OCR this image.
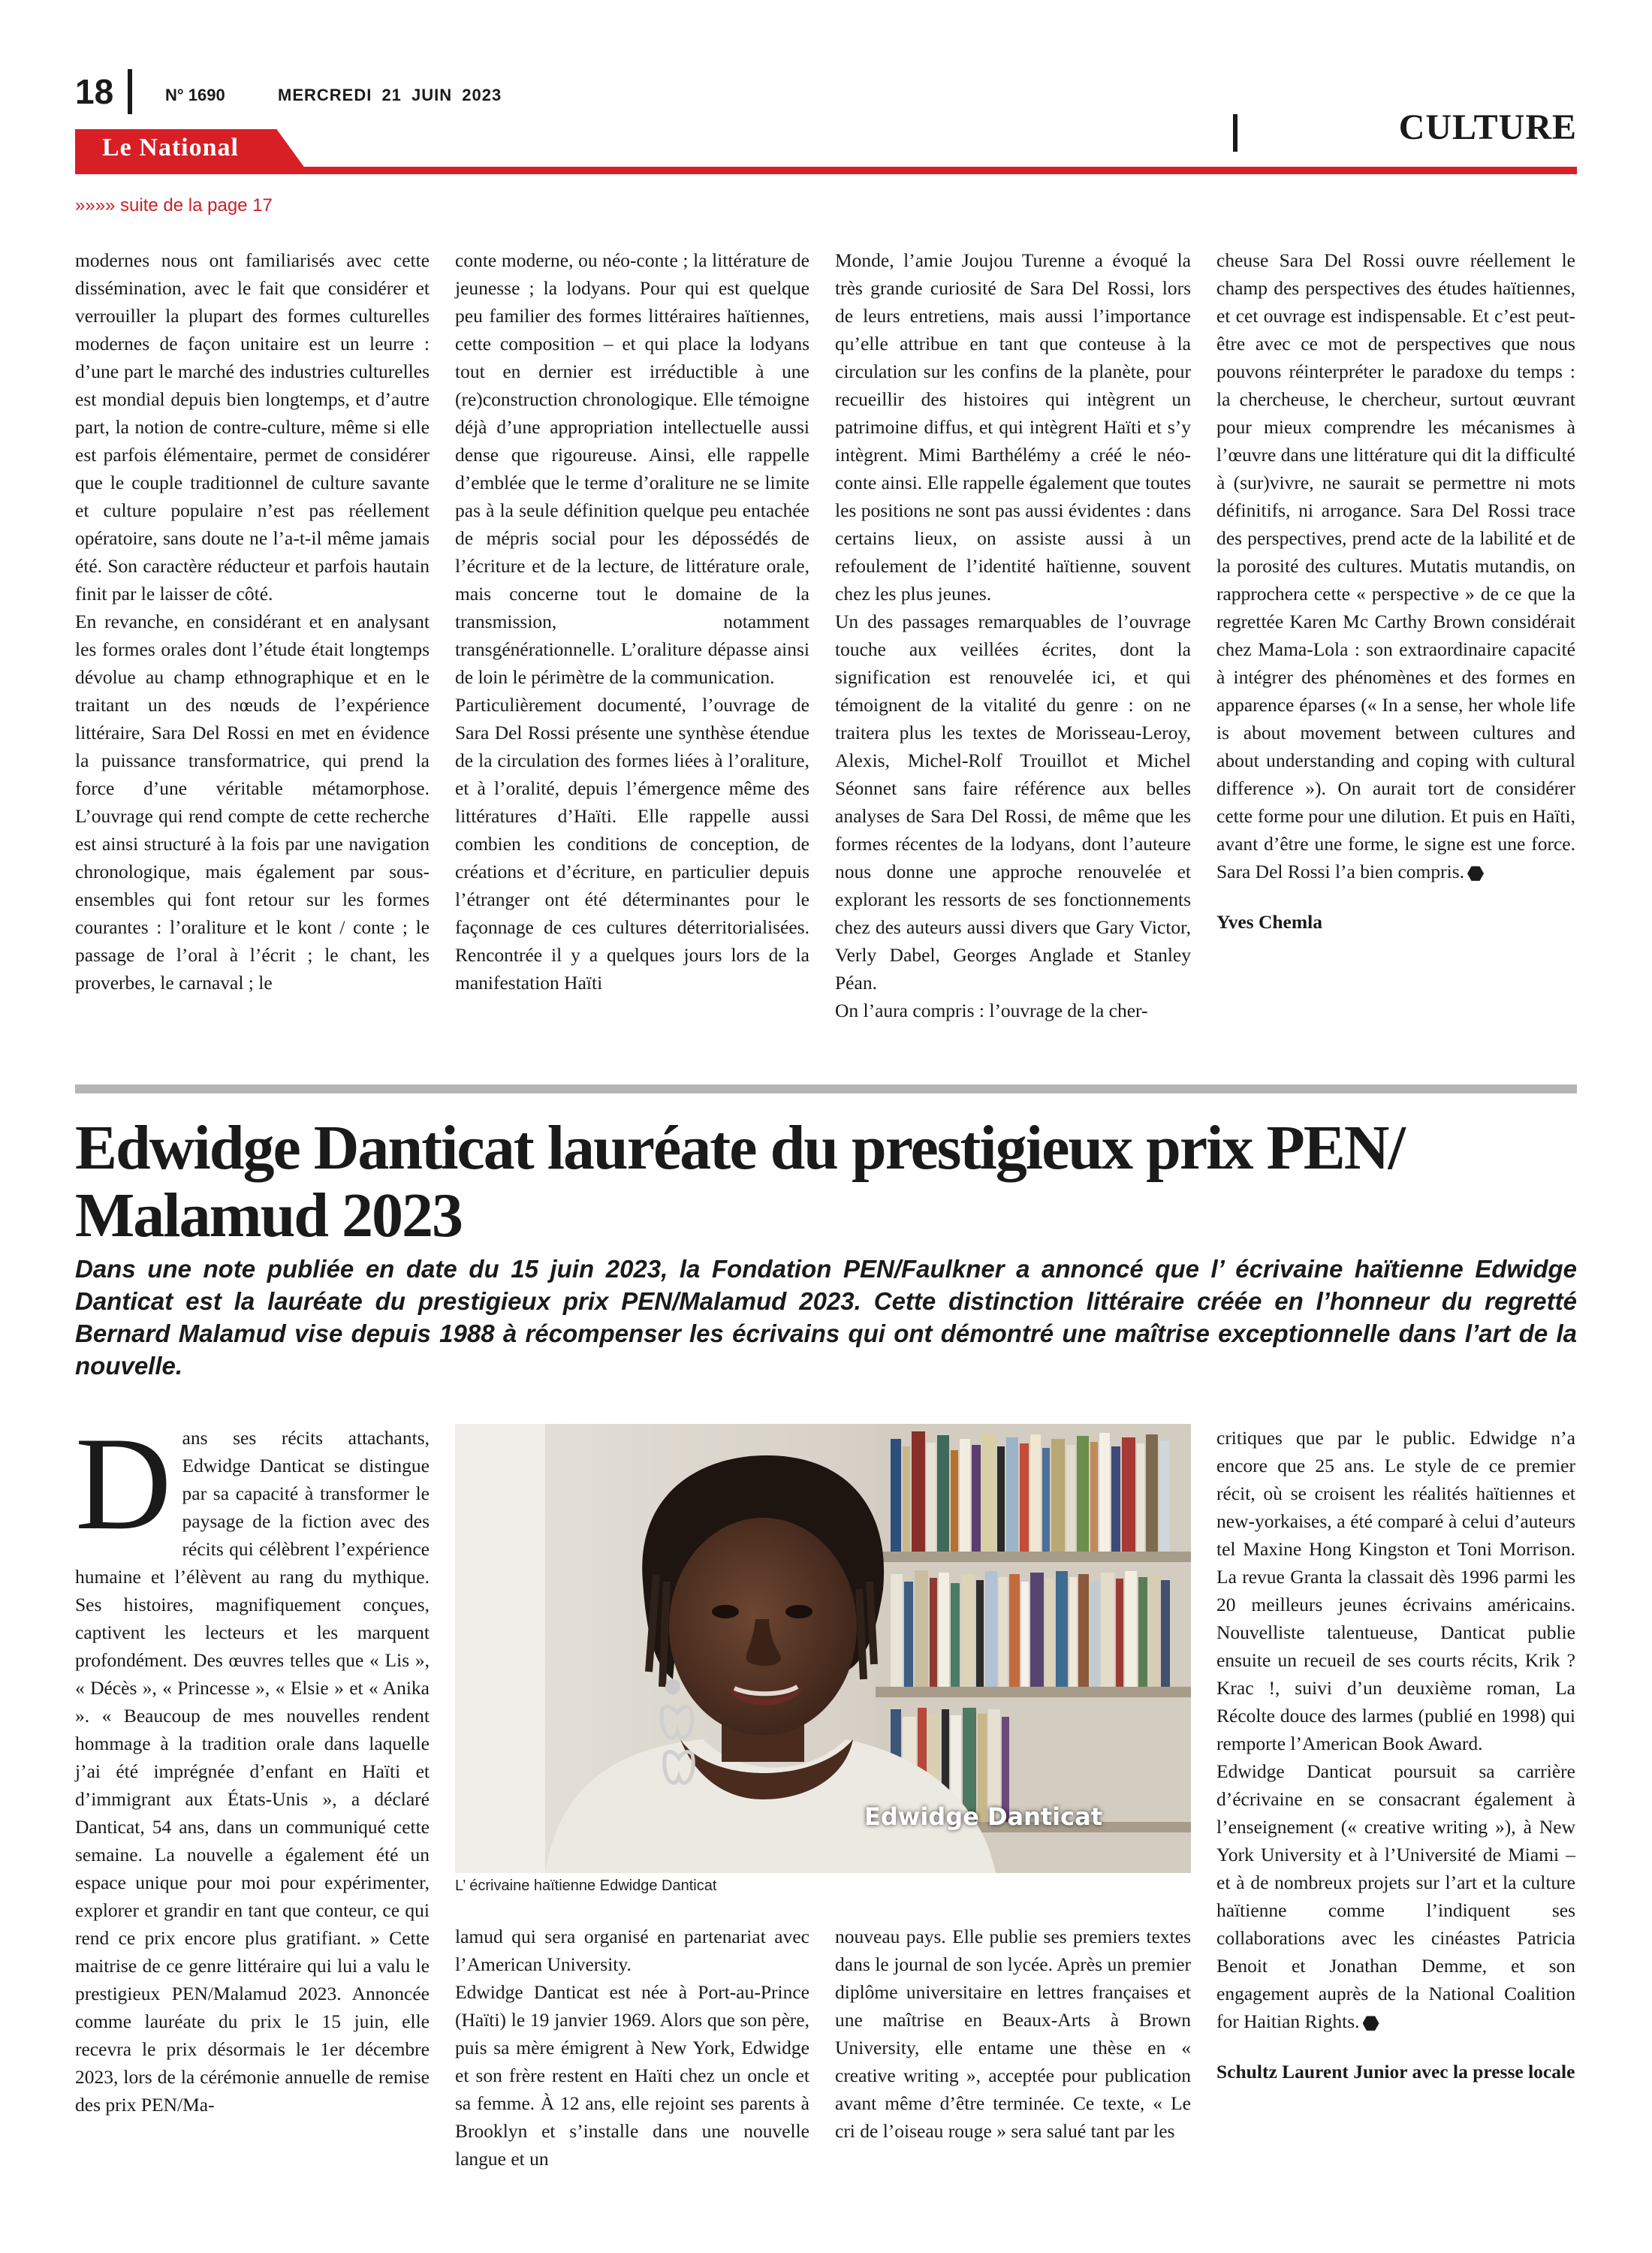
18	N° 1690	MERCREDI 21 JUIN 2023
CULTURE
Le National
»»»» suite de la page 17

modernes nous ont familiarisés avec cette dissémination, avec le fait que considérer et verrouiller la plupart des formes culturelles modernes de façon unitaire est un leurre : d’une part le marché des industries culturelles est mondial depuis bien longtemps, et d’autre part, la notion de contre-culture, même si elle est parfois élémentaire, permet de considérer que le couple traditionnel de culture savante et culture populaire n’est pas réellement opératoire, sans doute ne l’a-t-il même jamais été. Son caractère réducteur et parfois hautain finit par le laisser de côté.

En revanche, en considérant et en analysant les formes orales dont l’étude était longtemps dévolue au champ ethnographique et en le traitant un des nœuds de l’expérience littéraire, Sara Del Rossi en met en évidence la puissance transformatrice, qui prend la force d’une véritable métamorphose. L’ouvrage qui rend compte de cette recherche est ainsi structuré à la fois par une navigation chronologique, mais également par sous-ensembles qui font retour sur les formes courantes : l’oraliture et le kont / conte ; le passage de l’oral à l’écrit ; le chant, les proverbes, le carnaval ; le

conte moderne, ou néo-conte ; la littérature de jeunesse ; la lodyans. Pour qui est quelque peu familier des formes littéraires haïtiennes, cette composition – et qui place la lodyans tout en dernier est irréductible à une (re)construction chronologique. Elle témoigne déjà d’une appropriation intellectuelle aussi dense que rigoureuse. Ainsi, elle rappelle d’emblée que le terme d’oraliture ne se limite pas à la seule définition quelque peu entachée de mépris social pour les dépossédés de l’écriture et de la lecture, de littérature orale, mais concerne tout le domaine de la transmission, notamment transgénérationnelle. L’oraliture dépasse ainsi de loin le périmètre de la communication.

Particulièrement documenté, l’ouvrage de Sara Del Rossi présente une synthèse étendue de la circulation des formes liées à l’oraliture, et à l’oralité, depuis l’émergence même des littératures d’Haïti. Elle rappelle aussi combien les conditions de conception, de créations et d’écriture, en particulier depuis l’étranger ont été déterminantes pour le façonnage de ces cultures déterritorialisées. Rencontrée il y a quelques jours lors de la manifestation Haïti

Monde, l’amie Joujou Turenne a évoqué la très grande curiosité de Sara Del Rossi, lors de leurs entretiens, mais aussi l’importance qu’elle attribue en tant que conteuse à la circulation sur les confins de la planète, pour recueillir des histoires qui intègrent un patrimoine diffus, et qui intègrent Haïti et s’y intègrent. Mimi Barthélémy a créé le néo-conte ainsi. Elle rappelle également que toutes les positions ne sont pas aussi évidentes : dans certains lieux, on assiste aussi à un refoulement de l’identité haïtienne, souvent chez les plus jeunes.

Un des passages remarquables de l’ouvrage touche aux veillées écrites, dont la signification est renouvelée ici, et qui témoignent de la vitalité du genre : on ne traitera plus les textes de Morisseau-Leroy, Alexis, Michel-Rolf Trouillot et Michel Séonnet sans faire référence aux belles analyses de Sara Del Rossi, de même que les formes récentes de la lodyans, dont l’auteure nous donne une approche renouvelée et explorant les ressorts de ses fonctionnements chez des auteurs aussi divers que Gary Victor, Verly Dabel, Georges Anglade et Stanley Péan.

On l’aura compris : l’ouvrage de la cher-

cheuse Sara Del Rossi ouvre réellement le champ des perspectives des études haïtiennes, et cet ouvrage est indispensable. Et c’est peut-être avec ce mot de perspectives que nous pouvons réinterpréter le paradoxe du temps : la chercheuse, le chercheur, surtout œuvrant pour mieux comprendre les mécanismes à l’œuvre dans une littérature qui dit la difficulté à (sur)vivre, ne saurait se permettre ni mots définitifs, ni arrogance. Sara Del Rossi trace des perspectives, prend acte de la labilité et de la porosité des cultures. Mutatis mutandis, on rapprochera cette « perspective » de ce que la regrettée Karen Mc Carthy Brown considérait chez Mama-Lola : son extraordinaire capacité à intégrer des phénomènes et des formes en apparence éparses (« In a sense, her whole life is about movement between cultures and about understanding and coping with cultural difference »). On aurait tort de considérer cette forme pour une dilution. Et puis en Haïti, avant d’être une forme, le signe est une force. Sara Del Rossi l’a bien compris.

Yves Chemla

Edwidge Danticat lauréate du prestigieux prix PEN/ Malamud 2023

Dans une note publiée en date du 15 juin 2023, la Fondation PEN/Faulkner a annoncé que l’ écrivaine haïtienne Edwidge Danticat est la lauréate du prestigieux prix PEN/Malamud 2023. Cette distinction littéraire créée en l’honneur du regretté Bernard Malamud vise depuis 1988 à récompenser les écrivains qui ont démontré une maîtrise exceptionnelle dans l’art de la nouvelle.

D ans ses récits attachants, Edwidge Danticat se distingue par sa capacité à transformer le paysage de la fiction avec des récits qui célèbrent l’expérience humaine et l’élèvent au rang du mythique. Ses histoires, magnifiquement conçues, captivent les lecteurs et les marquent profondément. Des œuvres telles que « Lis », « Décès », « Princesse », « Elsie » et « Anika ». « Beaucoup de mes nouvelles rendent hommage à la tradition orale dans laquelle j’ai été imprégnée d’enfant en Haïti et d’immigrant aux États-Unis », a déclaré Danticat, 54 ans, dans un communiqué cette semaine. La nouvelle a également été un espace unique pour moi pour expérimenter, explorer et grandir en tant que conteur, ce qui rend ce prix encore plus gratifiant. » Cette maitrise de ce genre littéraire qui lui a valu le prestigieux PEN/Malamud 2023. Annoncée comme lauréate du prix le 15 juin, elle recevra le prix désormais le 1er décembre 2023, lors de la cérémonie annuelle de remise des prix PEN/Ma-

Edwidge Danticat
L’ écrivaine haïtienne Edwidge Danticat

lamud qui sera organisé en partenariat avec l’American University.

Edwidge Danticat est née à Port-au-Prince (Haïti) le 19 janvier 1969. Alors que son père, puis sa mère émigrent à New York, Edwidge et son frère restent en Haïti chez un oncle et sa femme. À 12 ans, elle rejoint ses parents à Brooklyn et s’installe dans une nouvelle langue et un

nouveau pays. Elle publie ses premiers textes dans le journal de son lycée. Après un premier diplôme universitaire en lettres françaises et une maîtrise en Beaux-Arts à Brown University, elle entame une thèse en « creative writing », acceptée pour publication avant même d’être terminée. Ce texte, « Le cri de l’oiseau rouge » sera salué tant par les

critiques que par le public. Edwidge n’a encore que 25 ans. Le style de ce premier récit, où se croisent les réalités haïtiennes et new-yorkaises, a été comparé à celui d’auteurs tel Maxine Hong Kingston et Toni Morrison. La revue Granta la classait dès 1996 parmi les 20 meilleurs jeunes écrivains américains. Nouvelliste talentueuse, Danticat publie ensuite un recueil de ses courts récits, Krik ? Krac !, suivi d’un deuxième roman, La Récolte douce des larmes (publié en 1998) qui remporte l’American Book Award.

Edwidge Danticat poursuit sa carrière d’écrivaine en se consacrant également à l’enseignement (« creative writing »), à New York University et à l’Université de Miami – et à de nombreux projets sur l’art et la culture haïtienne comme l’indiquent ses collaborations avec les cinéastes Patricia Benoit et Jonathan Demme, et son engagement auprès de la National Coalition for Haitian Rights.

Schultz Laurent Junior avec la presse locale
